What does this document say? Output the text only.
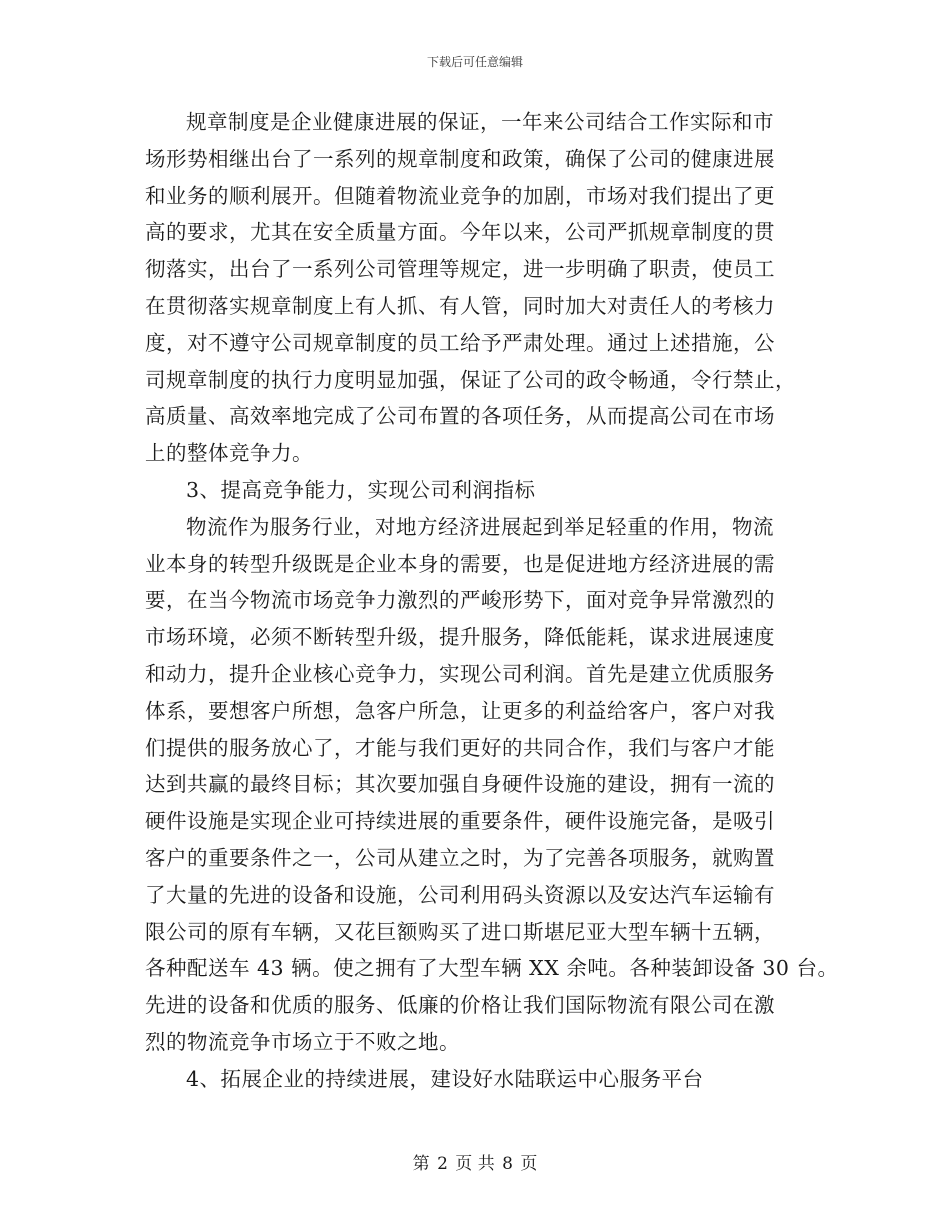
下载后可任意编辑
规章制度是企业健康进展的保证，一年来公司结合工作实际和市
场形势相继出台了一系列的规章制度和政策，确保了公司的健康进展
和业务的顺利展开。但随着物流业竞争的加剧，市场对我们提出了更
高的要求，尤其在安全质量方面。今年以来，公司严抓规章制度的贯
彻落实，出台了一系列公司管理等规定，进一步明确了职责，使员工
在贯彻落实规章制度上有人抓、有人管，同时加大对责任人的考核力
度，对不遵守公司规章制度的员工给予严肃处理。通过上述措施，公
司规章制度的执行力度明显加强，保证了公司的政令畅通，令行禁止，
高质量、高效率地完成了公司布置的各项任务，从而提高公司在市场
上的整体竞争力。
3、提高竞争能力，实现公司利润指标
物流作为服务行业，对地方经济进展起到举足轻重的作用，物流
业本身的转型升级既是企业本身的需要，也是促进地方经济进展的需
要，在当今物流市场竞争力激烈的严峻形势下，面对竞争异常激烈的
市场环境，必须不断转型升级，提升服务，降低能耗，谋求进展速度
和动力，提升企业核心竞争力，实现公司利润。首先是建立优质服务
体系，要想客户所想，急客户所急，让更多的利益给客户，客户对我
们提供的服务放心了，才能与我们更好的共同合作，我们与客户才能
达到共赢的最终目标；其次要加强自身硬件设施的建设，拥有一流的
硬件设施是实现企业可持续进展的重要条件，硬件设施完备，是吸引
客户的重要条件之一，公司从建立之时，为了完善各项服务，就购置
了大量的先进的设备和设施，公司利用码头资源以及安达汽车运输有
限公司的原有车辆，又花巨额购买了进口斯堪尼亚大型车辆十五辆，
各种配送车 43 辆。使之拥有了大型车辆 XX 余吨。各种装卸设备 30 台。
先进的设备和优质的服务、低廉的价格让我们国际物流有限公司在激
烈的物流竞争市场立于不败之地。
4、拓展企业的持续进展，建设好水陆联运中心服务平台
第 2 页 共 8 页
